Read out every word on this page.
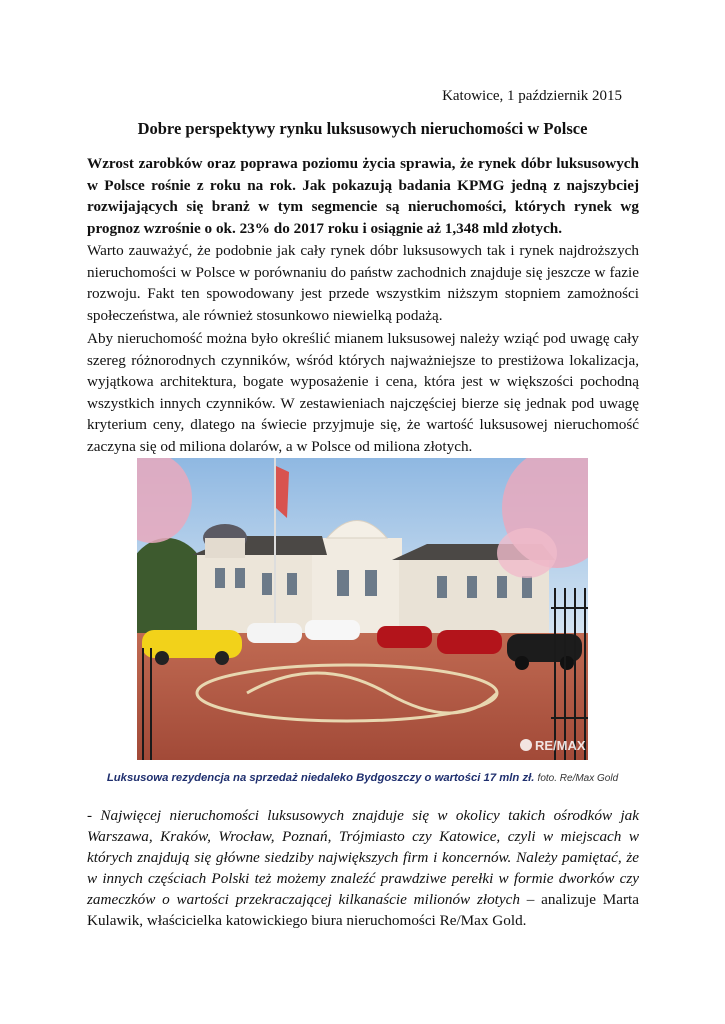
Katowice, 1 październik 2015
Dobre perspektywy rynku luksusowych nieruchomości w Polsce

Wzrost zarobków oraz poprawa poziomu życia sprawia, że rynek dóbr luksusowych w Polsce rośnie z roku na rok. Jak pokazują badania KPMG jedną z najszybciej rozwijających się branż w tym segmencie są nieruchomości, których rynek wg prognoz wzrośnie o ok. 23% do 2017 roku i osiągnie aż 1,348 mld złotych.

Warto zauważyć, że podobnie jak cały rynek dóbr luksusowych tak i rynek najdroższych nieruchomości w Polsce w porównaniu do państw zachodnich znajduje się jeszcze w fazie rozwoju. Fakt ten spowodowany jest przede wszystkim niższym stopniem zamożności społeczeństwa, ale również stosunkowo niewielką podażą.

Aby nieruchomość można było określić mianem luksusowej należy wziąć pod uwagę cały szereg różnorodnych czynników, wśród których najważniejsze to prestiżowa lokalizacja, wyjątkowa architektura, bogate wyposażenie i cena, która jest w większości pochodną wszystkich innych czynników. W zestawieniach najczęściej bierze się jednak pod uwagę kryterium ceny, dlatego na świecie przyjmuje się, że wartość luksusowej nieruchomość zaczyna się od miliona dolarów, a w Polsce od miliona złotych.

RE/MAX
Luksusowa rezydencja na sprzedaż niedaleko Bydgoszczy o wartości 17 mln zł. foto. Re/Max Gold

- Najwięcej nieruchomości luksusowych znajduje się w okolicy takich ośrodków jak Warszawa, Kraków, Wrocław, Poznań, Trójmiasto czy Katowice, czyli w miejscach w których znajdują się główne siedziby największych firm i koncernów. Należy pamiętać, że w innych częściach Polski też możemy znaleźć prawdziwe perełki w formie dworków czy zameczków o wartości przekraczającej kilkanaście milionów złotych – analizuje Marta Kulawik, właścicielka katowickiego biura nieruchomości Re/Max Gold.
